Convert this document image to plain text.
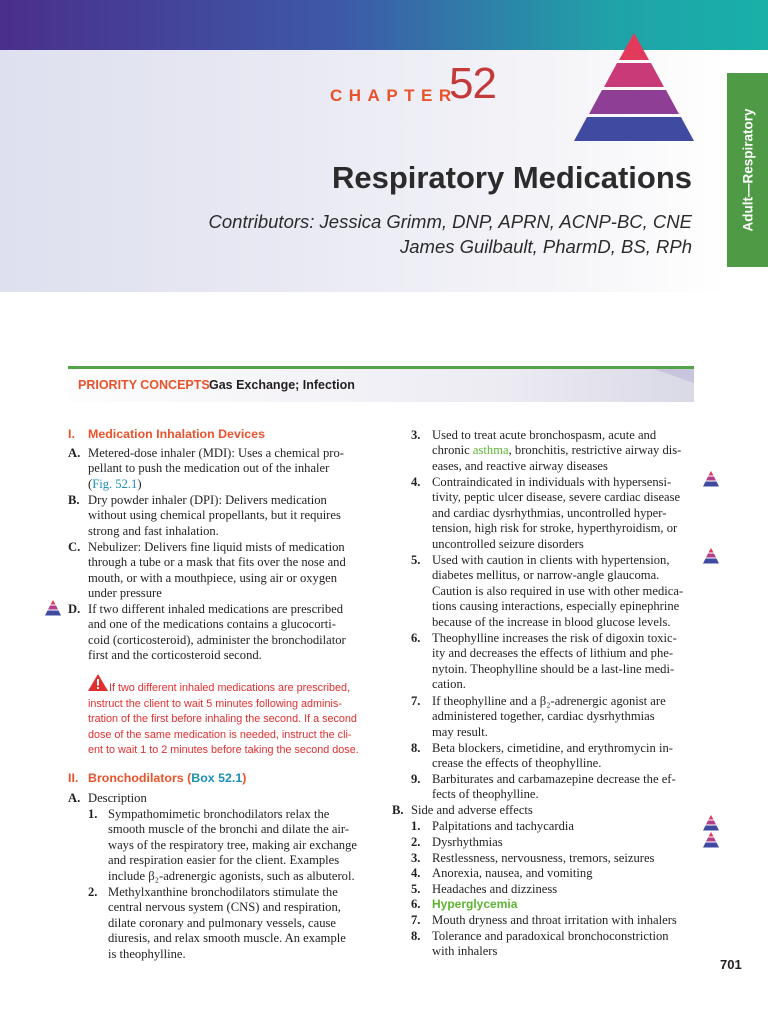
Adult—Respiratory
CHAPTER
52
Respiratory Medications
Contributors: Jessica Grimm, DNP, APRN, ACNP-BC, CNE
James Guilbault, PharmD, BS, RPh
PRIORITY CONCEPTS Gas Exchange; Infection
I. Medication Inhalation Devices
A. Metered-dose inhaler (MDI): Uses a chemical pro-
pellant to push the medication out of the inhaler
(Fig. 52.1)
B. Dry powder inhaler (DPI): Delivers medication
without using chemical propellants, but it requires
strong and fast inhalation.
C. Nebulizer: Delivers fine liquid mists of medication
through a tube or a mask that fits over the nose and
mouth, or with a mouthpiece, using air or oxygen
under pressure
D. If two different inhaled medications are prescribed
and one of the medications contains a glucocorti-
coid (corticosteroid), administer the bronchodilator
first and the corticosteroid second.
If two different inhaled medications are prescribed,
instruct the client to wait 5 minutes following adminis-
tration of the first before inhaling the second. If a second
dose of the same medication is needed, instruct the cli-
ent to wait 1 to 2 minutes before taking the second dose.
II. Bronchodilators (Box 52.1)
A. Description
1. Sympathomimetic bronchodilators relax the
smooth muscle of the bronchi and dilate the air-
ways of the respiratory tree, making air exchange
and respiration easier for the client. Examples
include β₂-adrenergic agonists, such as albuterol.
2. Methylxanthine bronchodilators stimulate the
central nervous system (CNS) and respiration,
dilate coronary and pulmonary vessels, cause
diuresis, and relax smooth muscle. An example
is theophylline.
3. Used to treat acute bronchospasm, acute and
chronic asthma, bronchitis, restrictive airway dis-
eases, and reactive airway diseases
4. Contraindicated in individuals with hypersensi-
tivity, peptic ulcer disease, severe cardiac disease
and cardiac dysrhythmias, uncontrolled hyper-
tension, high risk for stroke, hyperthyroidism, or
uncontrolled seizure disorders
5. Used with caution in clients with hypertension,
diabetes mellitus, or narrow-angle glaucoma.
Caution is also required in use with other medica-
tions causing interactions, especially epinephrine
because of the increase in blood glucose levels.
6. Theophylline increases the risk of digoxin toxic-
ity and decreases the effects of lithium and phe-
nytoin. Theophylline should be a last-line medi-
cation.
7. If theophylline and a β₂-adrenergic agonist are
administered together, cardiac dysrhythmias
may result.
8. Beta blockers, cimetidine, and erythromycin in-
crease the effects of theophylline.
9. Barbiturates and carbamazepine decrease the ef-
fects of theophylline.
B. Side and adverse effects
1. Palpitations and tachycardia
2. Dysrhythmias
3. Restlessness, nervousness, tremors, seizures
4. Anorexia, nausea, and vomiting
5. Headaches and dizziness
6. Hyperglycemia
7. Mouth dryness and throat irritation with inhalers
8. Tolerance and paradoxical bronchoconstriction
with inhalers
701
